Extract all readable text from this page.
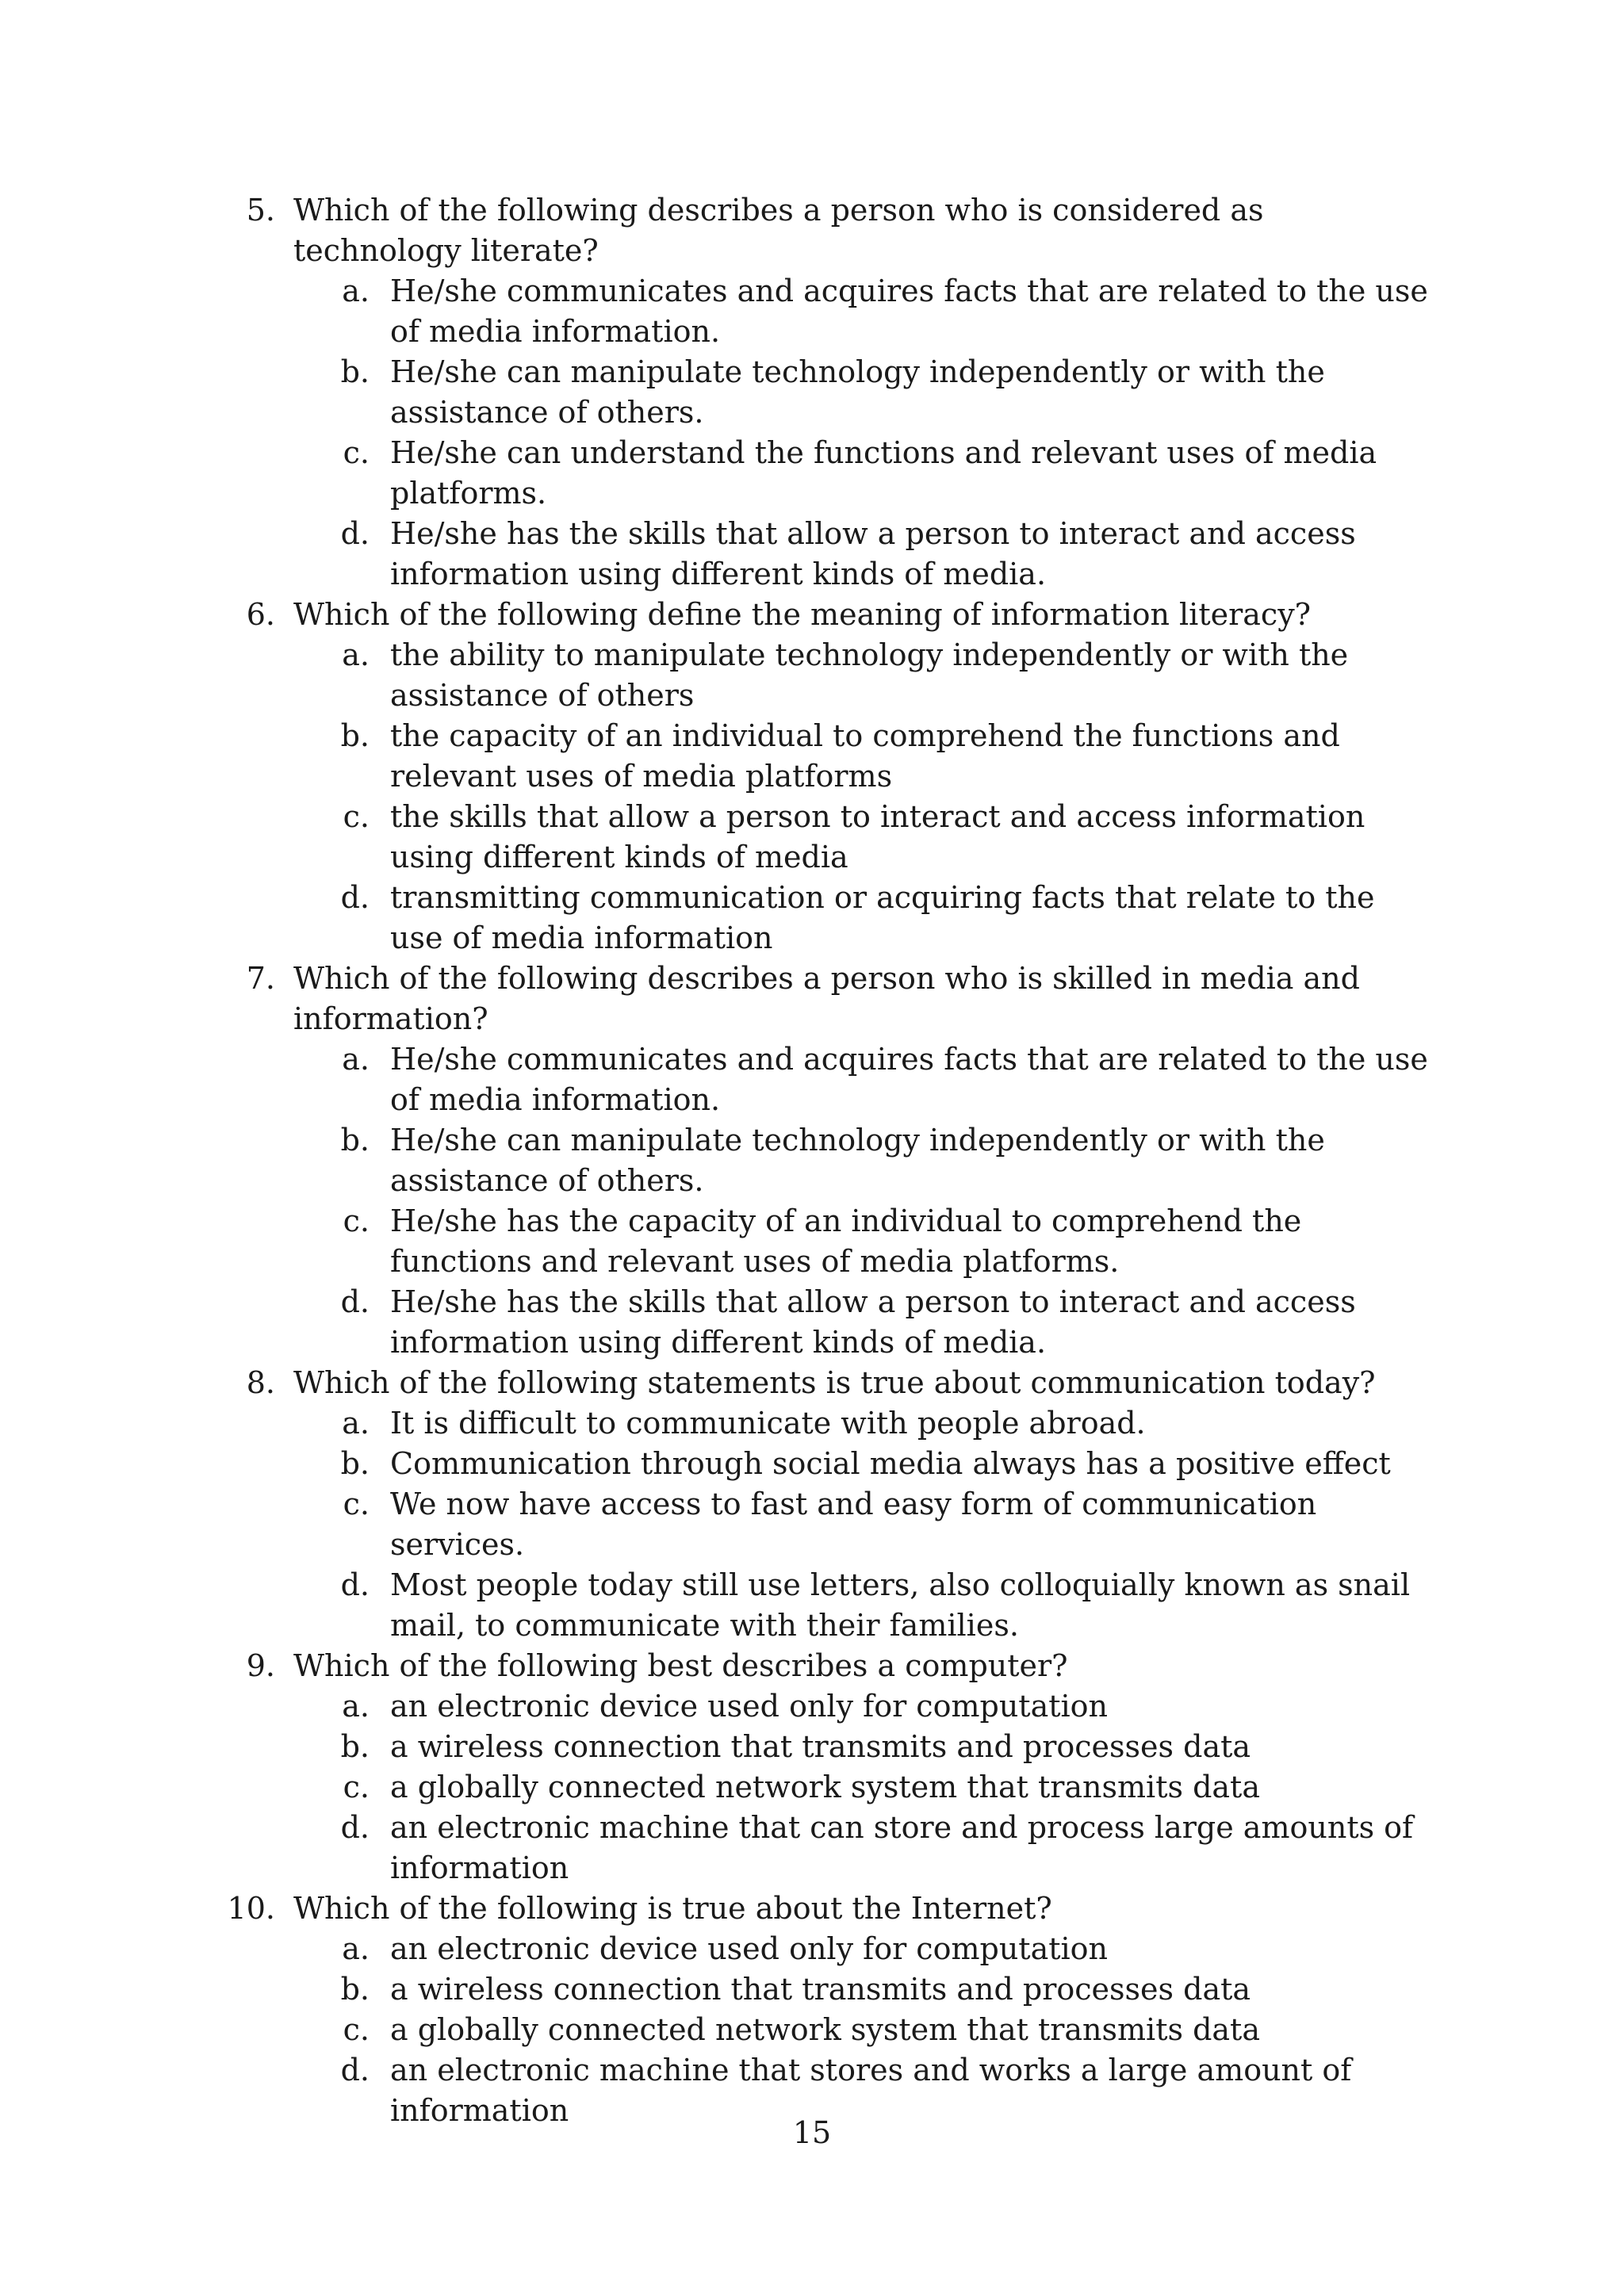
5. Which of the following describes a person who is considered as technology literate?
a. He/she communicates and acquires facts that are related to the use of media information.
b. He/she can manipulate technology independently or with the assistance of others.
c. He/she can understand the functions and relevant uses of media platforms.
d. He/she has the skills that allow a person to interact and access information using different kinds of media.
6. Which of the following define the meaning of information literacy?
a. the ability to manipulate technology independently or with the assistance of others
b. the capacity of an individual to comprehend the functions and relevant uses of media platforms
c. the skills that allow a person to interact and access information using different kinds of media
d. transmitting communication or acquiring facts that relate to the use of media information
7. Which of the following describes a person who is skilled in media and information?
a. He/she communicates and acquires facts that are related to the use of media information.
b. He/she can manipulate technology independently or with the assistance of others.
c. He/she has the capacity of an individual to comprehend the functions and relevant uses of media platforms.
d. He/she has the skills that allow a person to interact and access information using different kinds of media.
8. Which of the following statements is true about communication today?
a. It is difficult to communicate with people abroad.
b. Communication through social media always has a positive effect
c. We now have access to fast and easy form of communication services.
d. Most people today still use letters, also colloquially known as snail mail, to communicate with their families.
9. Which of the following best describes a computer?
a. an electronic device used only for computation
b. a wireless connection that transmits and processes data
c. a globally connected network system that transmits data
d. an electronic machine that can store and process large amounts of information
10. Which of the following is true about the Internet?
a. an electronic device used only for computation
b. a wireless connection that transmits and processes data
c. a globally connected network system that transmits data
d. an electronic machine that stores and works a large amount of information
15
